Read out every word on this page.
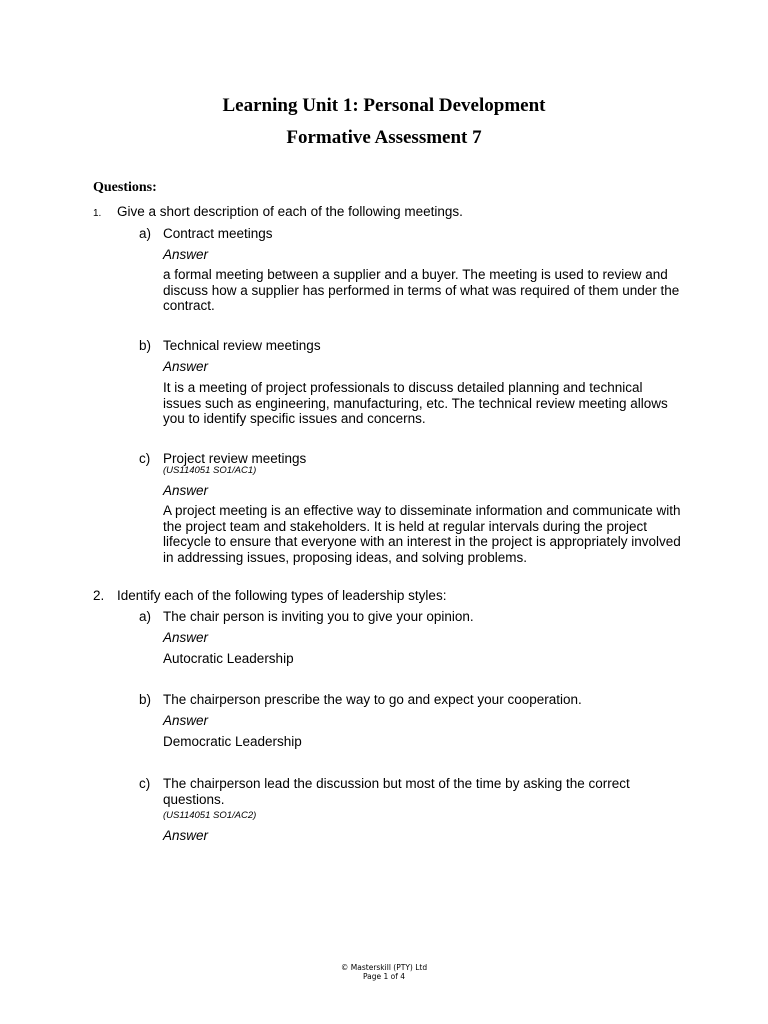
Learning Unit 1: Personal Development
Formative Assessment 7
Questions:
1. Give a short description of each of the following meetings.
a) Contract meetings
Answer
a formal meeting between a supplier and a buyer. The meeting is used to review and discuss how a supplier has performed in terms of what was required of them under the contract.
b) Technical review meetings
Answer
It is a meeting of project professionals to discuss detailed planning and technical issues such as engineering, manufacturing, etc. The technical review meeting allows you to identify specific issues and concerns.
c) Project review meetings
(US114051 SO1/AC1)
Answer
A project meeting is an effective way to disseminate information and communicate with the project team and stakeholders. It is held at regular intervals during the project lifecycle to ensure that everyone with an interest in the project is appropriately involved in addressing issues, proposing ideas, and solving problems.
2. Identify each of the following types of leadership styles:
a) The chair person is inviting you to give your opinion.
Answer
Autocratic Leadership
b) The chairperson prescribe the way to go and expect your cooperation.
Answer
Democratic Leadership
c) The chairperson lead the discussion but most of the time by asking the correct questions.
(US114051 SO1/AC2)
Answer
© Masterskill (PTY) Ltd
Page 1 of 4
